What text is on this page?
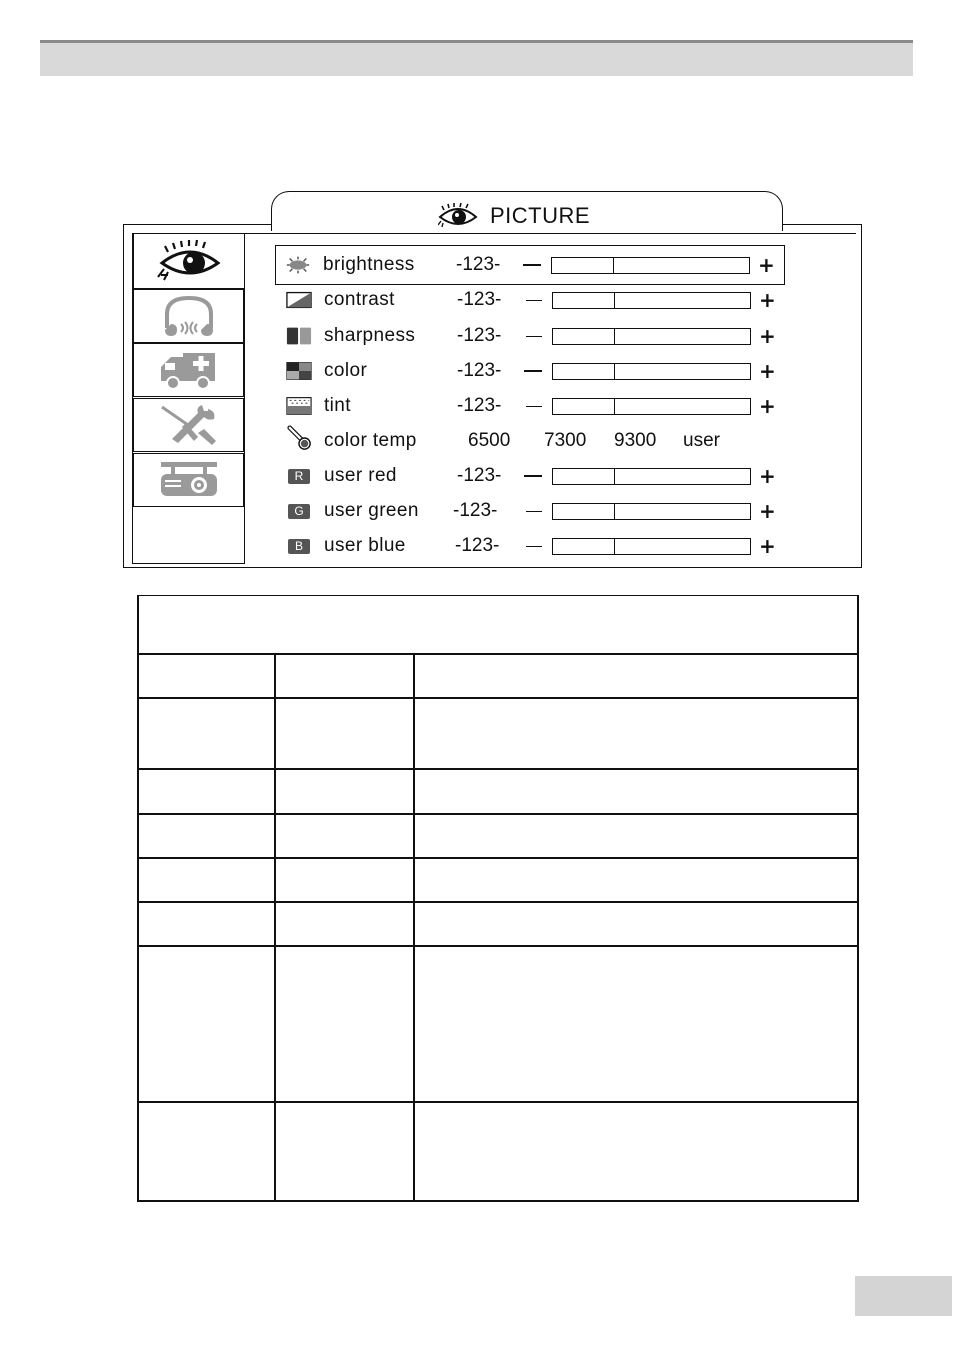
PICTURE
brightness -123-	+
contrast	-123-	+
sharpness -123-	+
color	-123-	+
tint	-123-	+
color temp	6500 7300 9300 user
R	user red	-123-	+
G	user green -123-	+
B	user blue	-123-	+
